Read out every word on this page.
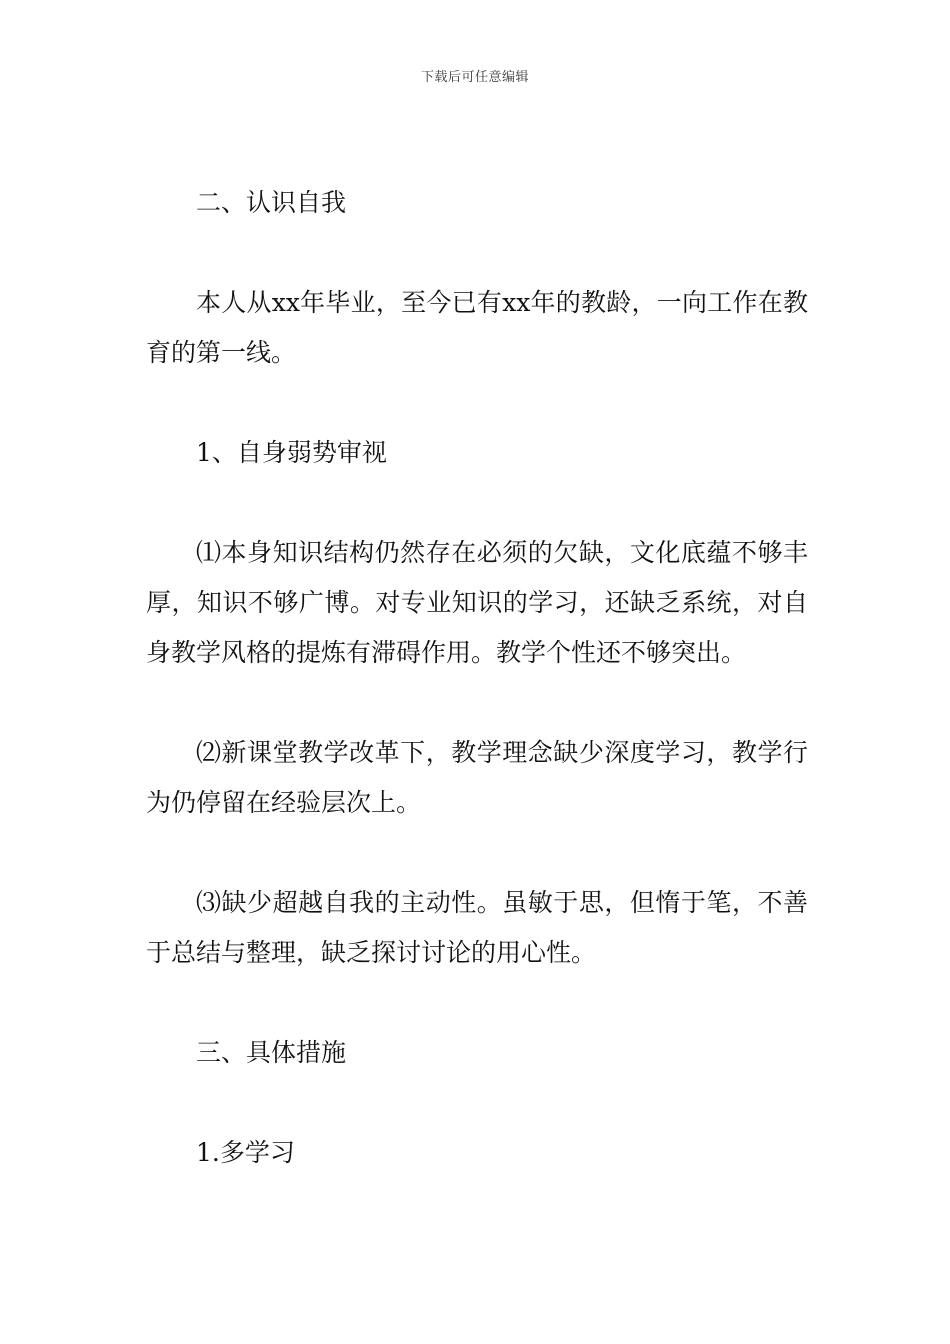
下载后可任意编辑

二、认识自我

本人从xx年毕业，至今已有xx年的教龄，一向工作在教育的第一线。

1、自身弱势审视

⑴本身知识结构仍然存在必须的欠缺，文化底蕴不够丰厚，知识不够广博。对专业知识的学习，还缺乏系统，对自身教学风格的提炼有滞碍作用。教学个性还不够突出。

⑵新课堂教学改革下，教学理念缺少深度学习，教学行为仍停留在经验层次上。

⑶缺少超越自我的主动性。虽敏于思，但惰于笔，不善于总结与整理，缺乏探讨讨论的用心性。

三、具体措施

1.多学习
